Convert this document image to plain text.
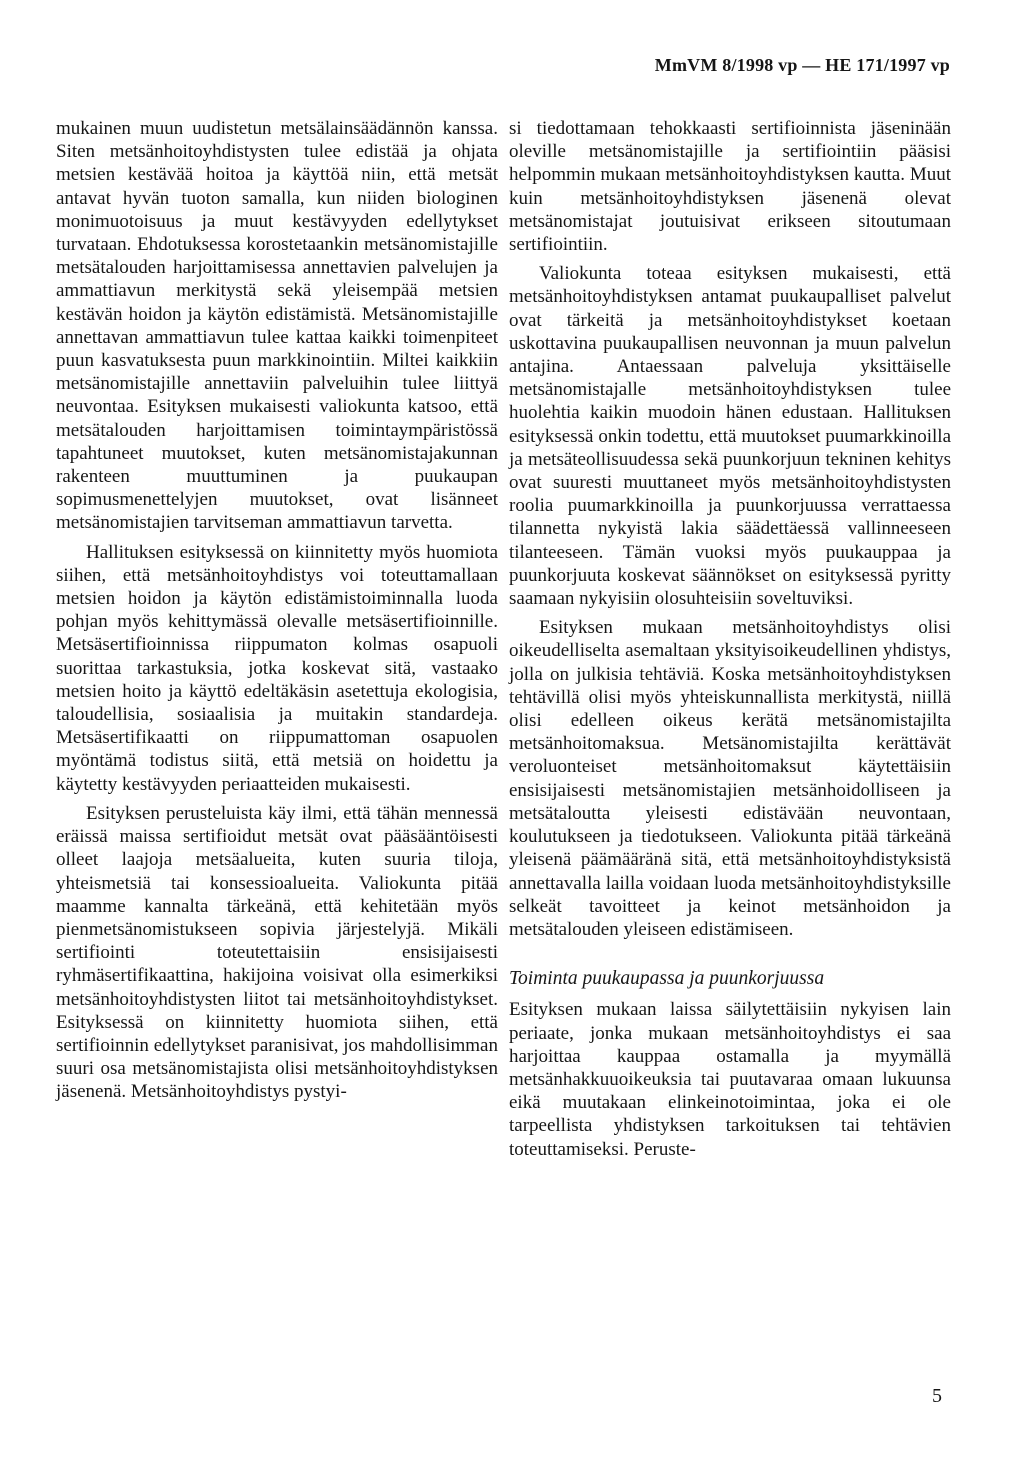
MmVM 8/1998 vp — HE 171/1997 vp

mukainen muun uudistetun metsälainsäädännön kanssa. Siten metsänhoitoyhdistysten tulee edistää ja ohjata metsien kestävää hoitoa ja käyttöä niin, että metsät antavat hyvän tuoton samalla, kun niiden biologinen monimuotoisuus ja muut kestävyyden edellytykset turvataan. Ehdotuksessa korostetaankin metsänomistajille metsätalouden harjoittamisessa annettavien palvelujen ja ammattiavun merkitystä sekä yleisempää metsien kestävän hoidon ja käytön edistämistä. Metsänomistajille annettavan ammattiavun tulee kattaa kaikki toimenpiteet puun kasvatuksesta puun markkinointiin. Miltei kaikkiin metsänomistajille annettaviin palveluihin tulee liittyä neuvontaa. Esityksen mukaisesti valiokunta katsoo, että metsätalouden harjoittamisen toimintaympäristössä tapahtuneet muutokset, kuten metsänomistajakunnan rakenteen muuttuminen ja puukaupan sopimusmenettelyjen muutokset, ovat lisänneet metsänomistajien tarvitseman ammattiavun tarvetta.

Hallituksen esityksessä on kiinnitetty myös huomiota siihen, että metsänhoitoyhdistys voi toteuttamallaan metsien hoidon ja käytön edistämistoiminnalla luoda pohjan myös kehittymässä olevalle metsäsertifioinnille. Metsäsertifioinnissa riippumaton kolmas osapuoli suorittaa tarkastuksia, jotka koskevat sitä, vastaako metsien hoito ja käyttö edeltäkäsin asetettuja ekologisia, taloudellisia, sosiaalisia ja muitakin standardeja. Metsäsertifikaatti on riippumattoman osapuolen myöntämä todistus siitä, että metsiä on hoidettu ja käytetty kestävyyden periaatteiden mukaisesti.

Esityksen perusteluista käy ilmi, että tähän mennessä eräissä maissa sertifioidut metsät ovat pääsääntöisesti olleet laajoja metsäalueita, kuten suuria tiloja, yhteismetsiä tai konsessioalueita. Valiokunta pitää maamme kannalta tärkeänä, että kehitetään myös pienmetsänomistukseen sopivia järjestelyjä. Mikäli sertifiointi toteutettaisiin ensisijaisesti ryhmäsertifikaattina, hakijoina voisivat olla esimerkiksi metsänhoitoyhdistysten liitot tai metsänhoitoyhdistykset. Esityksessä on kiinnitetty huomiota siihen, että sertifioinnin edellytykset paranisivat, jos mahdollisimman suuri osa metsänomistajista olisi metsänhoitoyhdistyksen jäsenenä. Metsänhoitoyhdistys pystyi-

si tiedottamaan tehokkaasti sertifioinnista jäseninään oleville metsänomistajille ja sertifiointiin pääsisi helpommin mukaan metsänhoitoyhdistyksen kautta. Muut kuin metsänhoitoyhdistyksen jäsenenä olevat metsänomistajat joutuisivat erikseen sitoutumaan sertifiointiin.

Valiokunta toteaa esityksen mukaisesti, että metsänhoitoyhdistyksen antamat puukaupalliset palvelut ovat tärkeitä ja metsänhoitoyhdistykset koetaan uskottavina puukaupallisen neuvonnan ja muun palvelun antajina. Antaessaan palveluja yksittäiselle metsänomistajalle metsänhoitoyhdistyksen tulee huolehtia kaikin muodoin hänen edustaan. Hallituksen esityksessä onkin todettu, että muutokset puumarkkinoilla ja metsäteollisuudessa sekä puunkorjuun tekninen kehitys ovat suuresti muuttaneet myös metsänhoitoyhdistysten roolia puumarkkinoilla ja puunkorjuussa verrattaessa tilannetta nykyistä lakia säädettäessä vallinneeseen tilanteeseen. Tämän vuoksi myös puukauppaa ja puunkorjuuta koskevat säännökset on esityksessä pyritty saamaan nykyisiin olosuhteisiin soveltuviksi.

Esityksen mukaan metsänhoitoyhdistys olisi oikeudelliselta asemaltaan yksityisoikeudellinen yhdistys, jolla on julkisia tehtäviä. Koska metsänhoitoyhdistyksen tehtävillä olisi myös yhteiskunnallista merkitystä, niillä olisi edelleen oikeus kerätä metsänomistajilta metsänhoitomaksua. Metsänomistajilta kerättävät veroluonteiset metsänhoitomaksut käytettäisiin ensisijaisesti metsänomistajien metsänhoidolliseen ja metsätaloutta yleisesti edistävään neuvontaan, koulutukseen ja tiedotukseen. Valiokunta pitää tärkeänä yleisenä päämääränä sitä, että metsänhoitoyhdistyksistä annettavalla lailla voidaan luoda metsänhoitoyhdistyksille selkeät tavoitteet ja keinot metsänhoidon ja metsätalouden yleiseen edistämiseen.

Toiminta puukaupassa ja puunkorjuussa

Esityksen mukaan laissa säilytettäisiin nykyisen lain periaate, jonka mukaan metsänhoitoyhdistys ei saa harjoittaa kauppaa ostamalla ja myymällä metsänhakkuuoikeuksia tai puutavaraa omaan lukuunsa eikä muutakaan elinkeinotoimintaa, joka ei ole tarpeellista yhdistyksen tarkoituksen tai tehtävien toteuttamiseksi. Peruste-

5
